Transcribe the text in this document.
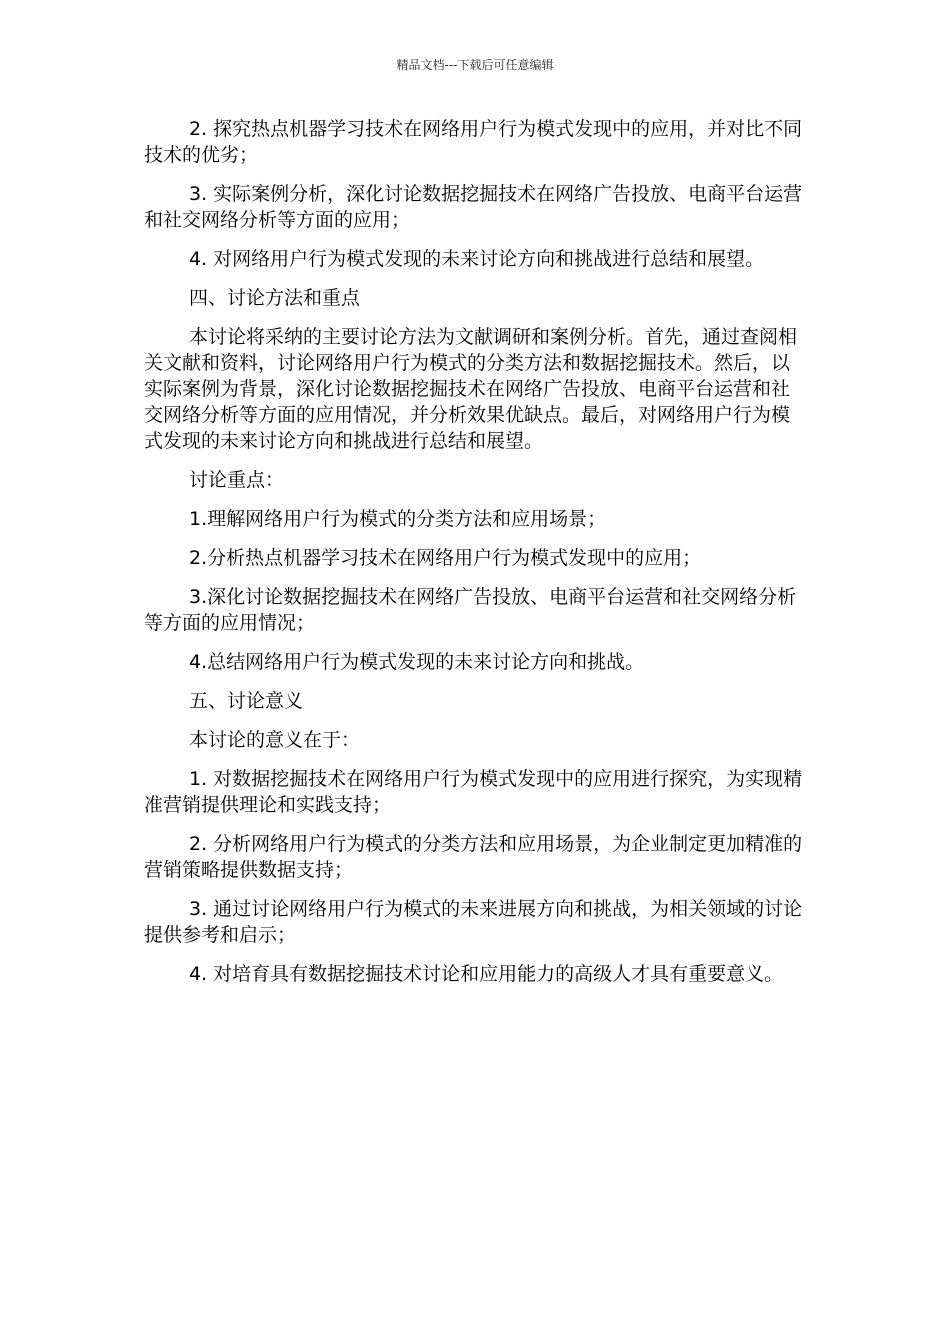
精品文档---下载后可任意编辑

2. 探究热点机器学习技术在网络用户行为模式发现中的应用，并对比不同技术的优劣；

3. 实际案例分析，深化讨论数据挖掘技术在网络广告投放、电商平台运营和社交网络分析等方面的应用；

4. 对网络用户行为模式发现的未来讨论方向和挑战进行总结和展望。

四、讨论方法和重点

本讨论将采纳的主要讨论方法为文献调研和案例分析。首先，通过查阅相关文献和资料，讨论网络用户行为模式的分类方法和数据挖掘技术。然后，以实际案例为背景，深化讨论数据挖掘技术在网络广告投放、电商平台运营和社交网络分析等方面的应用情况，并分析效果优缺点。最后，对网络用户行为模式发现的未来讨论方向和挑战进行总结和展望。

讨论重点：

1.理解网络用户行为模式的分类方法和应用场景；

2.分析热点机器学习技术在网络用户行为模式发现中的应用；

3.深化讨论数据挖掘技术在网络广告投放、电商平台运营和社交网络分析等方面的应用情况；

4.总结网络用户行为模式发现的未来讨论方向和挑战。

五、讨论意义

本讨论的意义在于：

1. 对数据挖掘技术在网络用户行为模式发现中的应用进行探究，为实现精准营销提供理论和实践支持；

2. 分析网络用户行为模式的分类方法和应用场景，为企业制定更加精准的营销策略提供数据支持；

3. 通过讨论网络用户行为模式的未来进展方向和挑战，为相关领域的讨论提供参考和启示；

4. 对培育具有数据挖掘技术讨论和应用能力的高级人才具有重要意义。
